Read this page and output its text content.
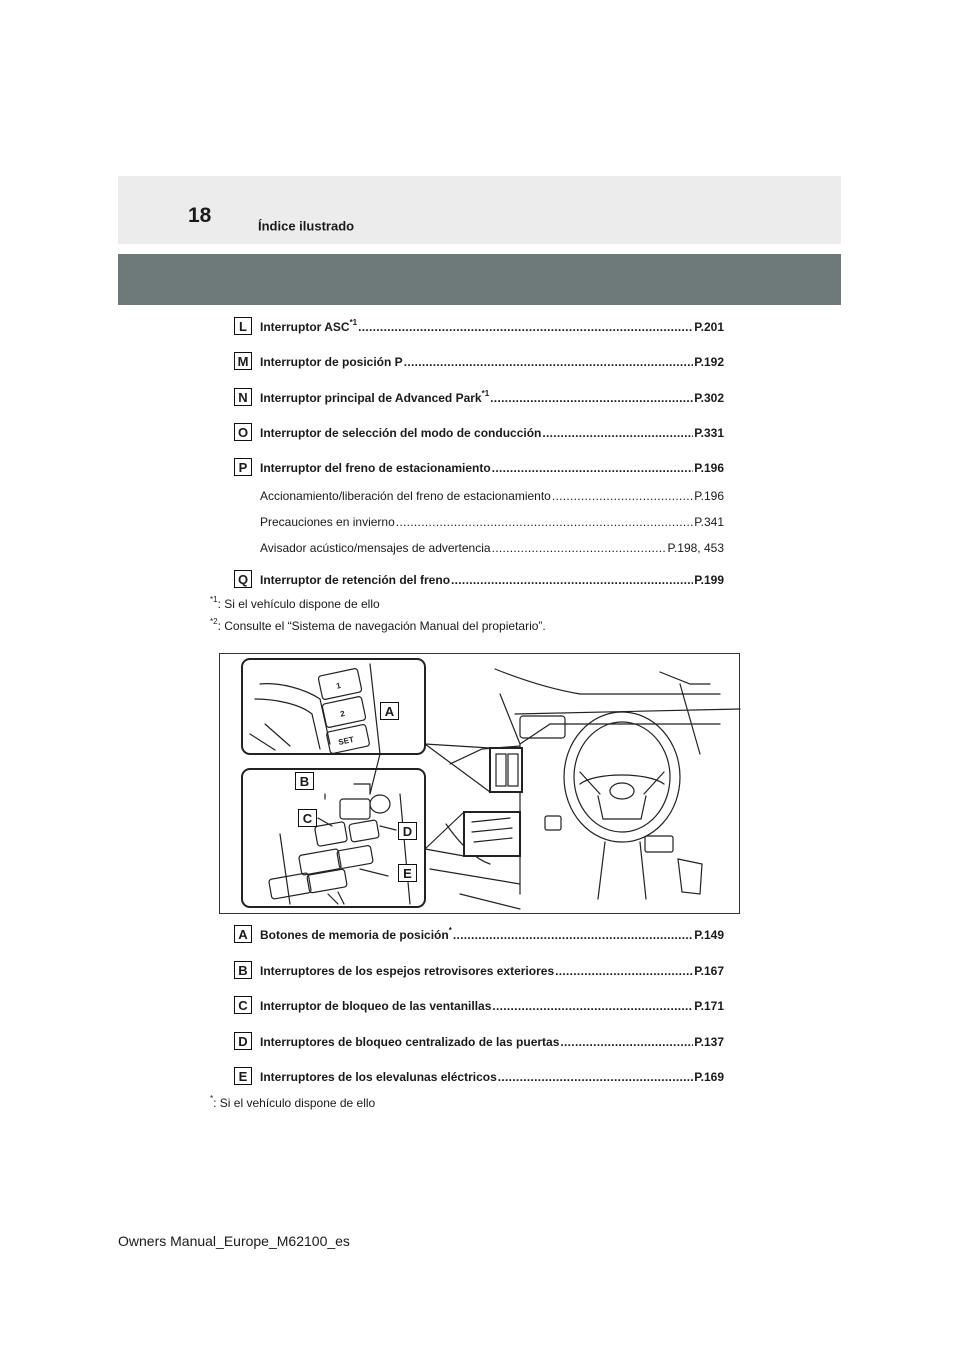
18	Índice ilustrado
L	Interruptor ASC$^{*1}$ .....	P.201
M Interruptor de posición P .....	P.192
N	Interruptor principal de Advanced Park$^{*1}$ .....	P.302
O Interruptor de selección del modo de conducción .....	P.331
P	Interruptor del freno de estacionamiento .....	P.196
Accionamiento/liberación del freno de estacionamiento .....	P.196
Precauciones en invierno .....	P.341
Avisador acústico/mensajes de advertencia .....	P.198, 453
Q Interruptor de retención del freno .....	P.199
$^{*1}$: Si el vehículo dispone de ello
$^{*2}$: Consulte el “Sistema de navegación Manual del propietario”.
1
2
SET
A
B
C
D
E
A	Botones de memoria de posición* .....	P.149
B	Interruptores de los espejos retrovisores exteriores .....	P.167
C	Interruptor de bloqueo de las ventanillas .....	P.171
D	Interruptores de bloqueo centralizado de las puertas .....	P.137
E	Interruptores de los elevalunas eléctricos .....	P.169
*: Si el vehículo dispone de ello
Owners Manual_Europe_M62100_es
